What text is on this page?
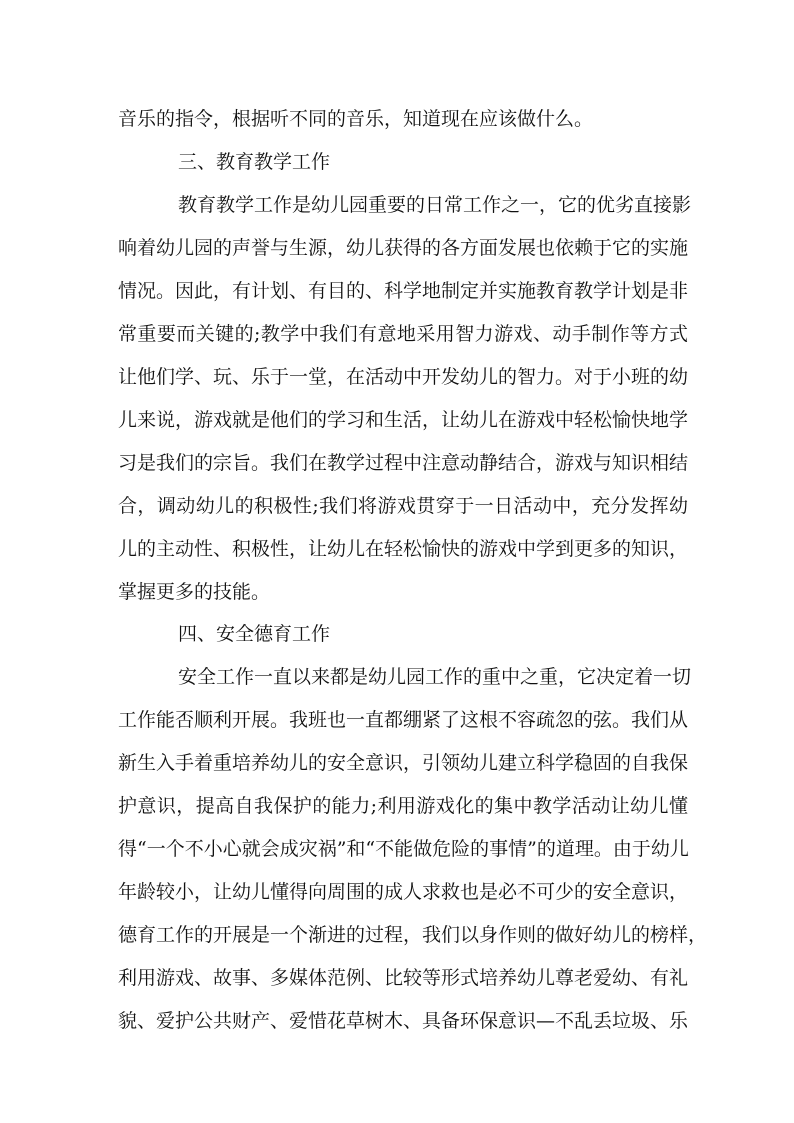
音乐的指令，根据听不同的音乐，知道现在应该做什么。
三、教育教学工作
教育教学工作是幼儿园重要的日常工作之一，它的优劣直接影
响着幼儿园的声誉与生源，幼儿获得的各方面发展也依赖于它的实施
情况。因此，有计划、有目的、科学地制定并实施教育教学计划是非
常重要而关键的;教学中我们有意地采用智力游戏、动手制作等方式
让他们学、玩、乐于一堂，在活动中开发幼儿的智力。对于小班的幼
儿来说，游戏就是他们的学习和生活，让幼儿在游戏中轻松愉快地学
习是我们的宗旨。我们在教学过程中注意动静结合，游戏与知识相结
合，调动幼儿的积极性;我们将游戏贯穿于一日活动中，充分发挥幼
儿的主动性、积极性，让幼儿在轻松愉快的游戏中学到更多的知识，
掌握更多的技能。
四、安全德育工作
安全工作一直以来都是幼儿园工作的重中之重，它决定着一切
工作能否顺利开展。我班也一直都绷紧了这根不容疏忽的弦。我们从
新生入手着重培养幼儿的安全意识，引领幼儿建立科学稳固的自我保
护意识，提高自我保护的能力;利用游戏化的集中教学活动让幼儿懂
得“一个不小心就会成灾祸”和“不能做危险的事情”的道理。由于幼儿
年龄较小，让幼儿懂得向周围的成人求救也是必不可少的安全意识，
德育工作的开展是一个渐进的过程，我们以身作则的做好幼儿的榜样，
利用游戏、故事、多媒体范例、比较等形式培养幼儿尊老爱幼、有礼
貌、爱护公共财产、爱惜花草树木、具备环保意识—不乱丢垃圾、乐
